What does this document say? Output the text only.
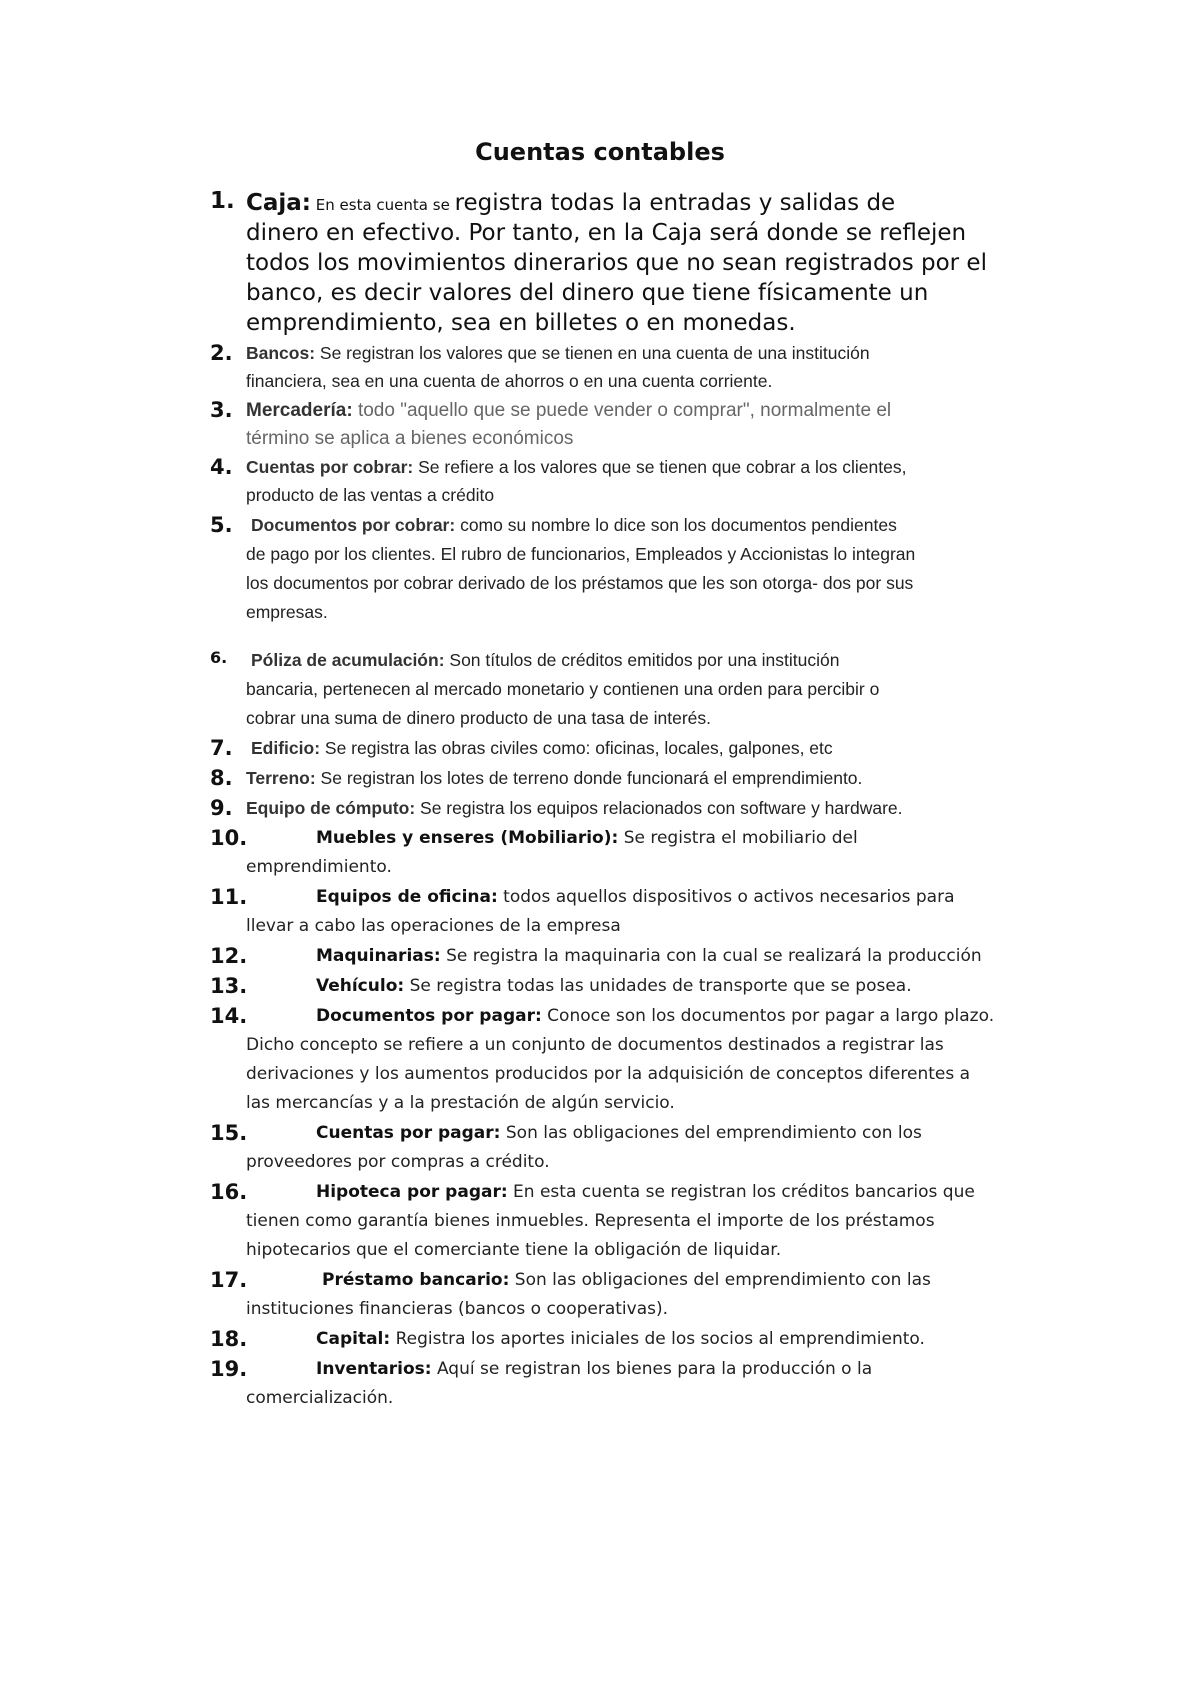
Cuentas contables
1. Caja: En esta cuenta se registra todas la entradas y salidas de
dinero en efectivo. Por tanto, en la Caja será donde se reflejen
todos los movimientos dinerarios que no sean registrados por el
banco, es decir valores del dinero que tiene físicamente un
emprendimiento, sea en billetes o en monedas.
2. Bancos: Se registran los valores que se tienen en una cuenta de una institución
financiera, sea en una cuenta de ahorros o en una cuenta corriente.
3. Mercadería: todo "aquello que se puede vender o comprar", normalmente el
término se aplica a bienes económicos
4. Cuentas por cobrar: Se refiere a los valores que se tienen que cobrar a los clientes,
producto de las ventas a crédito
5. Documentos por cobrar: como su nombre lo dice son los documentos pendientes
de pago por los clientes. El rubro de funcionarios, Empleados y Accionistas lo integran
los documentos por cobrar derivado de los préstamos que les son otorga- dos por sus
empresas.
6. Póliza de acumulación: Son títulos de créditos emitidos por una institución
bancaria, pertenecen al mercado monetario y contienen una orden para percibir o
cobrar una suma de dinero producto de una tasa de interés.
7. Edificio: Se registra las obras civiles como: oficinas, locales, galpones, etc
8. Terreno: Se registran los lotes de terreno donde funcionará el emprendimiento.
9. Equipo de cómputo: Se registra los equipos relacionados con software y hardware.
10.	Muebles y enseres (Mobiliario): Se registra el mobiliario del
emprendimiento.
11.	Equipos de oficina: todos aquellos dispositivos o activos necesarios para
llevar a cabo las operaciones de la empresa
12.	Maquinarias: Se registra la maquinaria con la cual se realizará la producción
13.	Vehículo: Se registra todas las unidades de transporte que se posea.
14.	Documentos por pagar: Conoce son los documentos por pagar a largo plazo.
Dicho concepto se refiere a un conjunto de documentos destinados a registrar las
derivaciones y los aumentos producidos por la adquisición de conceptos diferentes a
las mercancías y a la prestación de algún servicio.
15.	Cuentas por pagar: Son las obligaciones del emprendimiento con los
proveedores por compras a crédito.
16.	Hipoteca por pagar: En esta cuenta se registran los créditos bancarios que
tienen como garantía bienes inmuebles. Representa el importe de los préstamos
hipotecarios que el comerciante tiene la obligación de liquidar.
17.	Préstamo bancario: Son las obligaciones del emprendimiento con las
instituciones financieras (bancos o cooperativas).
18.	Capital: Registra los aportes iniciales de los socios al emprendimiento.
19.	Inventarios: Aquí se registran los bienes para la producción o la
comercialización.
